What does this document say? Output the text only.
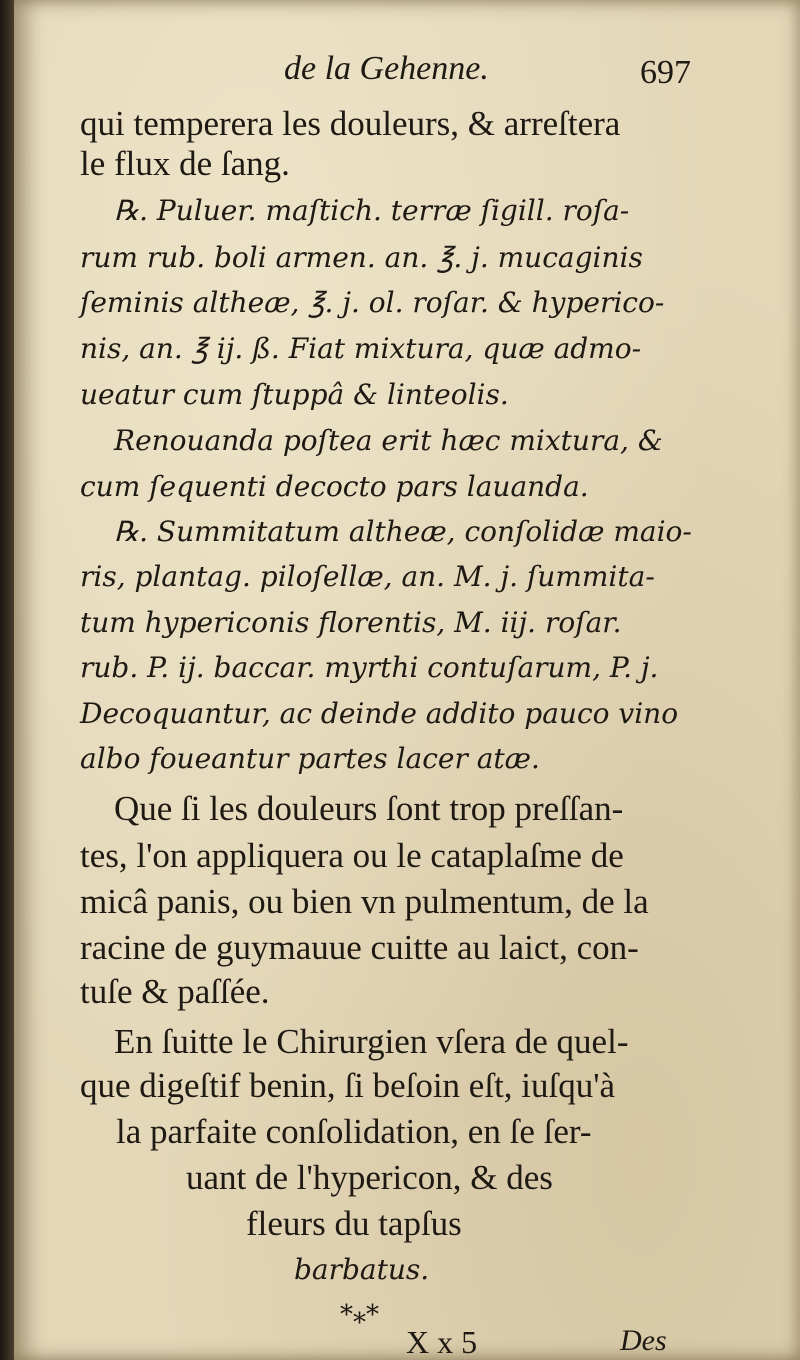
de la Gehenne.	697
qui temperera les douleurs, & arreſtera
le flux de ſang.
℞. Puluer. maſtich. terræ ſigill. roſa-
rum rub. boli armen. an. ℥. j. mucaginis
ſeminis altheæ, ℥. j. ol. roſar. & hyperico-
nis, an. ℥ ij. ß. Fiat mixtura, quæ admo-
ueatur cum ſtuppâ & linteolis.
Renouanda poſtea erit hæc mixtura, &
cum ſequenti decocto pars lauanda.
℞. Summitatum altheæ, conſolidæ maio-
ris, plantag. piloſellæ, an. M. j. ſummita-
tum hypericonis florentis, M. iij. roſar.
rub. P. ij. baccar. myrthi contuſarum, P. j.
Decoquantur, ac deinde addito pauco vino
albo foueantur partes lacer atæ.
Que ſi les douleurs ſont trop preſſan-
tes, l'on appliquera ou le cataplaſme de
micâ panis, ou bien vn pulmentum, de la
racine de guymauue cuitte au laict, con-
tuſe & paſſée.
En ſuitte le Chirurgien vſera de quel-
que digeſtif benin, ſi beſoin eſt, iuſqu'à
la parfaite conſolidation, en ſe ſer-
uant de l'hypericon, & des
fleurs du tapſus
barbatus.
*⁎*
X x 5	Des
